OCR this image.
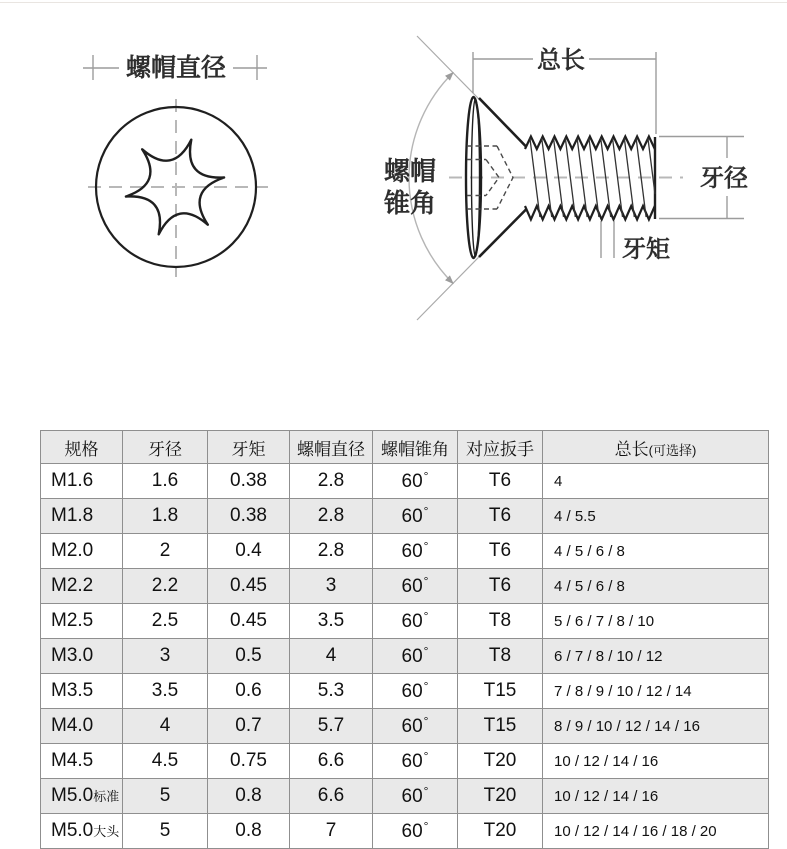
螺帽直径	总长
牙径
牙矩
螺帽
锥角
规格	牙径	牙矩	螺帽直径	螺帽锥角	对应扳手	总长(可选择)
M1.6	1.6	0.38	2.8	60°	T6	4
M1.8	1.8	0.38	2.8	60°	T6	4 / 5.5
M2.0	2	0.4	2.8	60°	T6	4 / 5 / 6 / 8
M2.2	2.2	0.45	3	60°	T6	4 / 5 / 6 / 8
M2.5	2.5	0.45	3.5	60°	T8	5 / 6 / 7 / 8 / 10
M3.0	3	0.5	4	60°	T8	6 / 7 / 8 / 10 / 12
M3.5	3.5	0.6	5.3	60°	T15	7 / 8 / 9 / 10 / 12 / 14
M4.0	4	0.7	5.7	60°	T15	8 / 9 / 10 / 12 / 14 / 16
M4.5	4.5	0.75	6.6	60°	T20	10 / 12 / 14 / 16
M5.0标准	5	0.8	6.6	60°	T20	10 / 12 / 14 / 16
M5.0大头	5	0.8	7	60°	T20	10 / 12 / 14 / 16 / 18 / 20
